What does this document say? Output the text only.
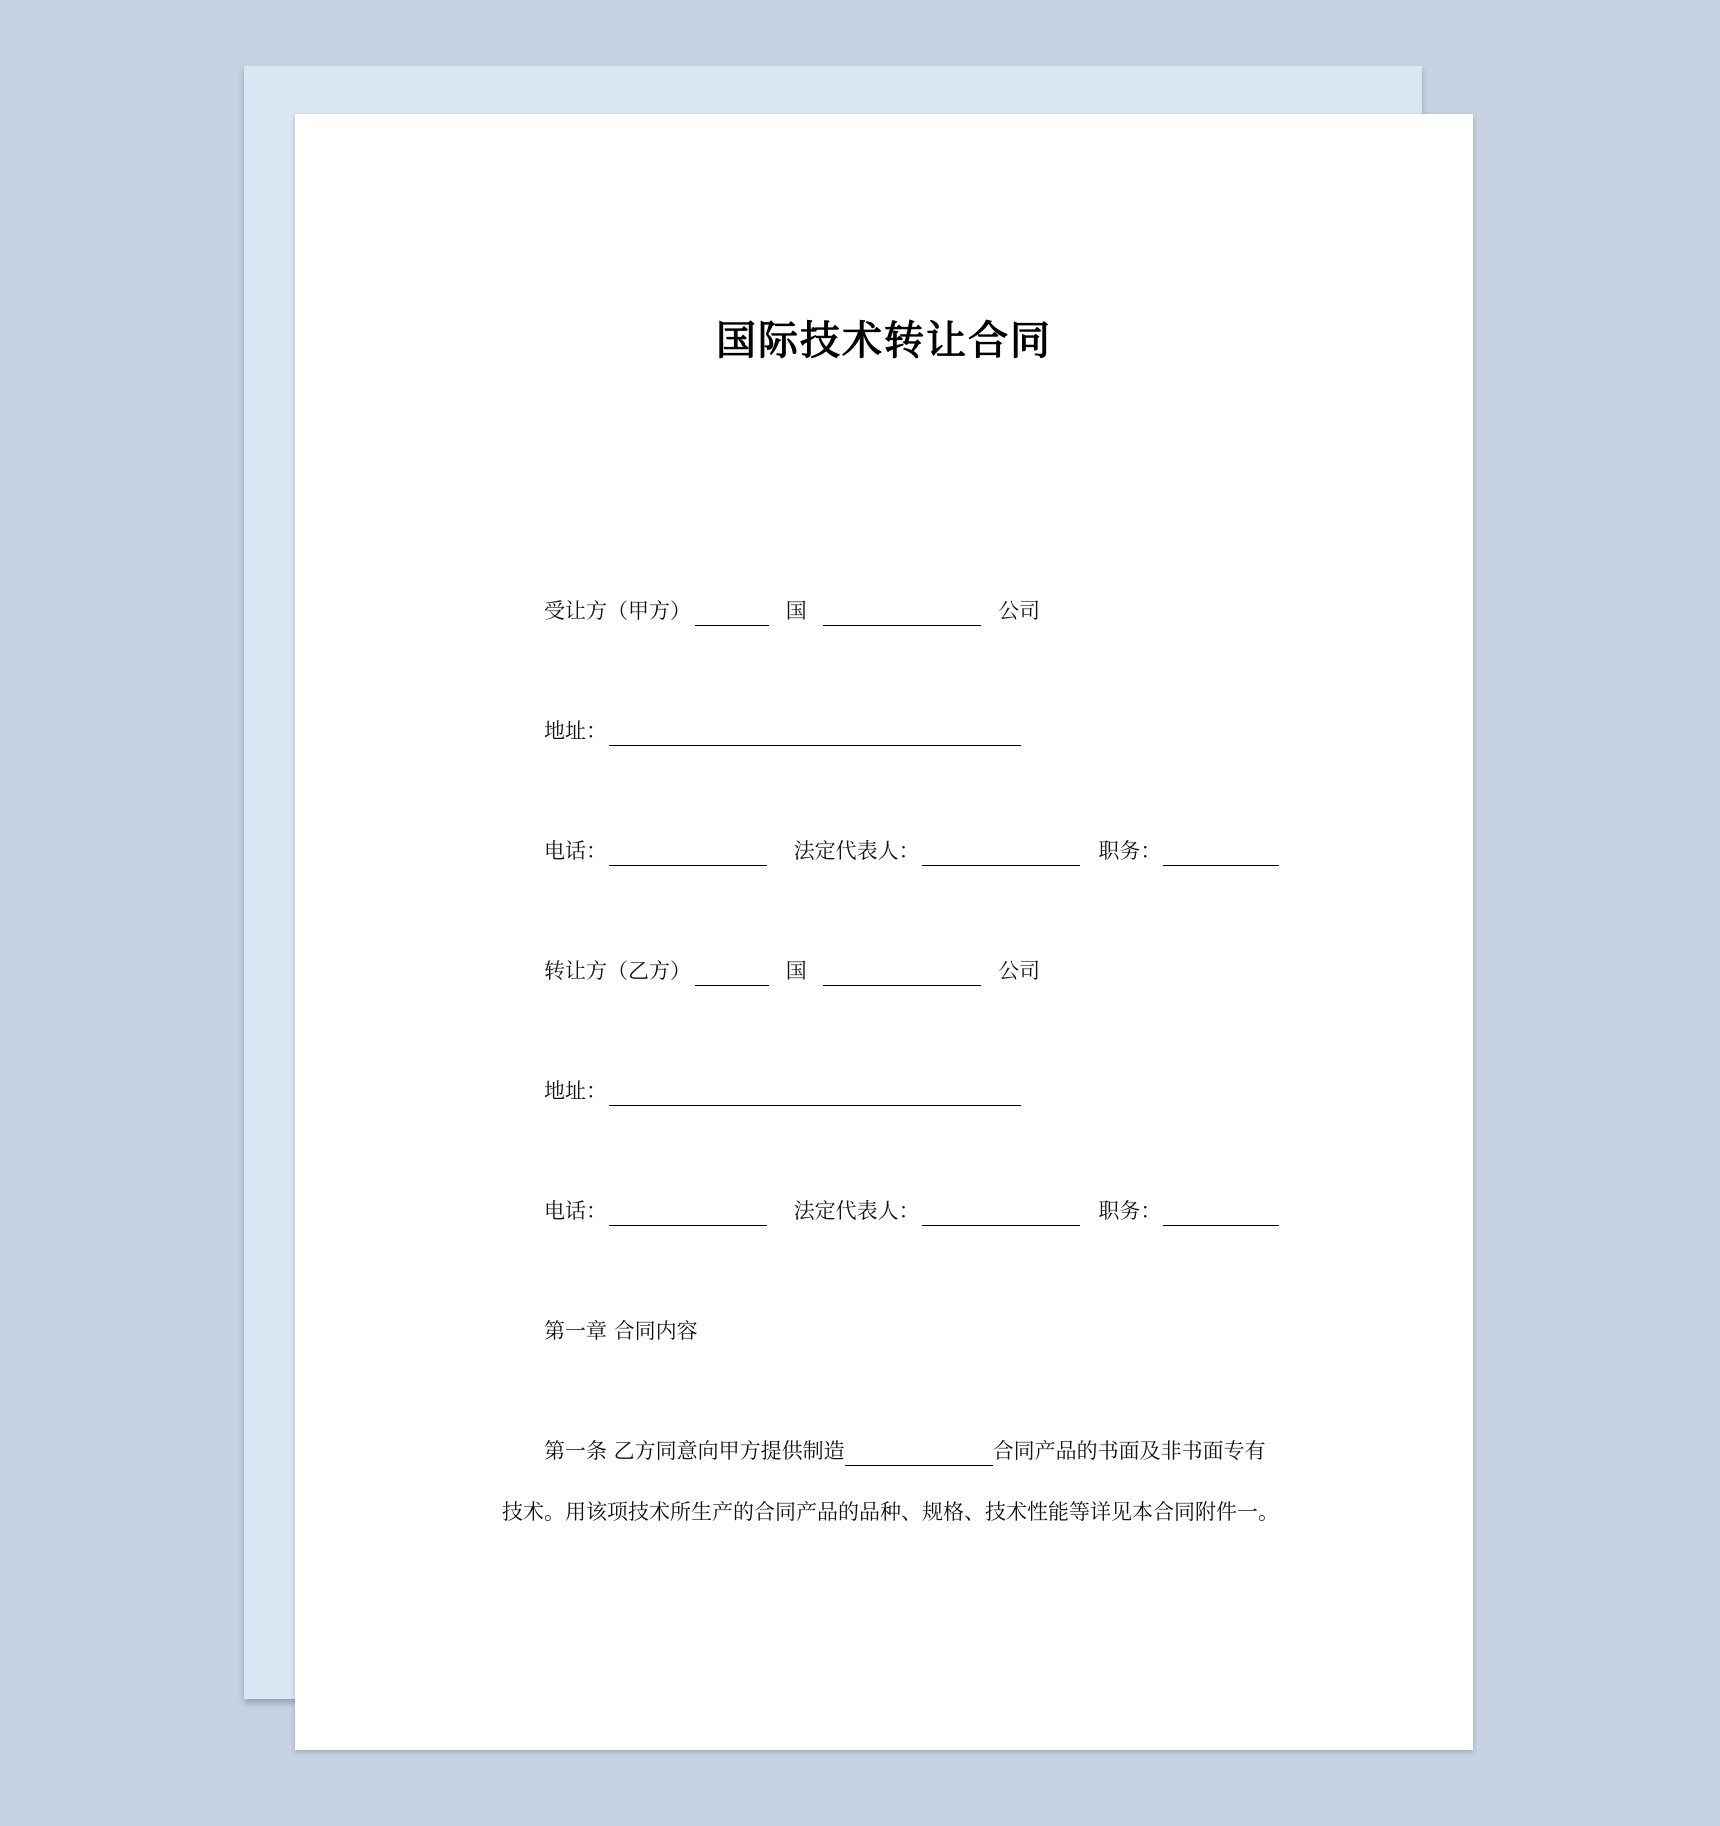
国际技术转让合同
受让方（甲方）	国	公司
地址：
电话：	法定代表人：	职务：
转让方（乙方）	国	公司
地址：
电话：	法定代表人：	职务：
第一章 合同内容
第一条 乙方同意向甲方提供制造	合同产品的书面及非书面专有
技术。用该项技术所生产的合同产品的品种、规格、技术性能等详见本合同附件一。
